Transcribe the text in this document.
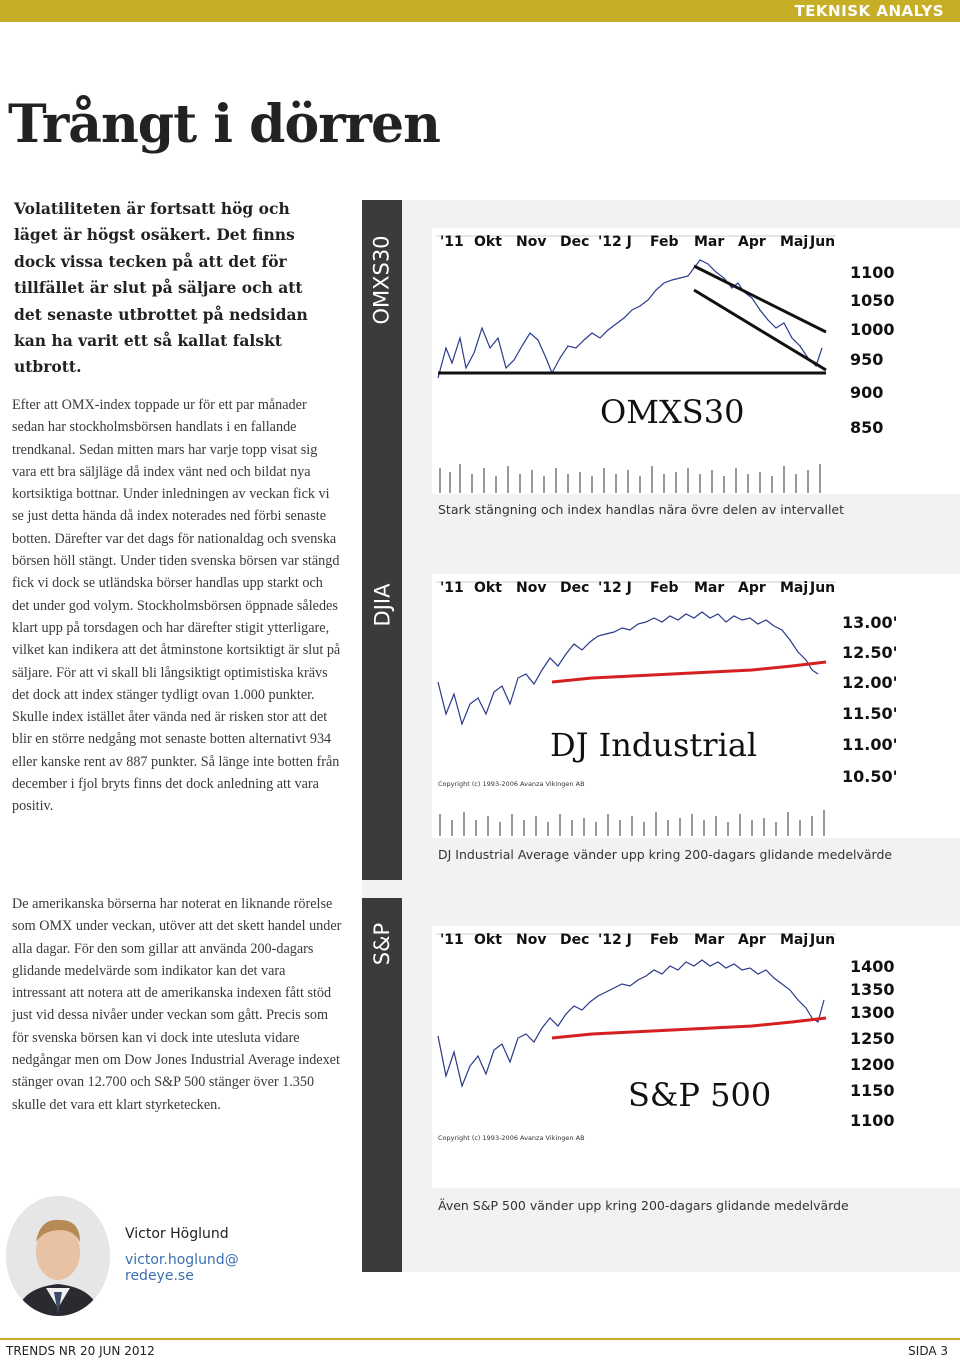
TEKNISK ANALYS
Trångt i dörren

Volatiliteten är fortsatt hög och läget är högst osäkert. Det finns dock vissa tecken på att det för tillfället är slut på säljare och att det senaste utbrottet på nedsidan kan ha varit ett så kallat falskt utbrott.

Efter att OMX-index toppade ur för ett par månader sedan har stockholmsbörsen handlats i en fallande trendkanal. Sedan mitten mars har varje topp visat sig vara ett bra säljläge då index vänt ned och bildat nya kortsiktiga bottnar. Under inledningen av veckan fick vi se just detta hända då index noterades ned förbi senaste botten. Därefter var det dags för nationaldag och svenska börsen höll stängt. Under tiden svenska börsen var stängd fick vi dock se utländska börser handlas upp starkt och det under god volym. Stockholmsbörsen öppnade således klart upp på torsdagen och har därefter stigit ytterligare, vilket kan indikera att det åtminstone kortsiktigt är slut på säljare. För att vi skall bli långsiktigt optimistiska krävs det dock att index stänger tydligt ovan 1.000 punkter. Skulle index istället åter vända ned är risken stor att det blir en större nedgång mot senaste botten alternativt 934 eller kanske rent av 887 punkter. Så länge inte botten från december i fjol bryts finns det dock anledning att vara positiv.

De amerikanska börserna har noterat en liknande rörelse som OMX under veckan, utöver att det skett handel under alla dagar. För den som gillar att använda 200-dagars glidande medelvärde som indikator kan det vara intressant att notera att de amerikanska indexen fått stöd just vid dessa nivåer under veckan som gått. Precis som för svenska börsen kan vi dock inte utesluta vidare nedgångar men om Dow Jones Industrial Average indexet stänger ovan 12.700 och S&P 500 stänger över 1.350 skulle det vara ett klart styrketecken.

OMXS30	'11 Okt Nov Dec '12 J Feb Mar Apr Maj Jun
1100
1050
1000
950
900
850
OMXS30
Stark stängning och index handlas nära övre delen av intervallet
DJIA	'11 Okt Nov Dec '12 J Feb Mar Apr Maj Jun
13.00'
12.50'
12.00'
11.50'
11.00'
10.50'
DJ Industrial
Copyright (c) 1993-2006 Avanza Vikingen AB
DJ Industrial Average vänder upp kring 200-dagars glidande medelvärde
S&P	'11 Okt Nov Dec '12 J Feb Mar Apr Maj Jun
1400
1350
1300
1250
1200
1150
1100
S&P 500
Copyright (c) 1993-2006 Avanza Vikingen AB
Även S&P 500 vänder upp kring 200-dagars glidande medelvärde
Victor Höglund
victor.hoglund@ redeye.se
TRENDS NR 20 JUN 2012	SIDA 3
